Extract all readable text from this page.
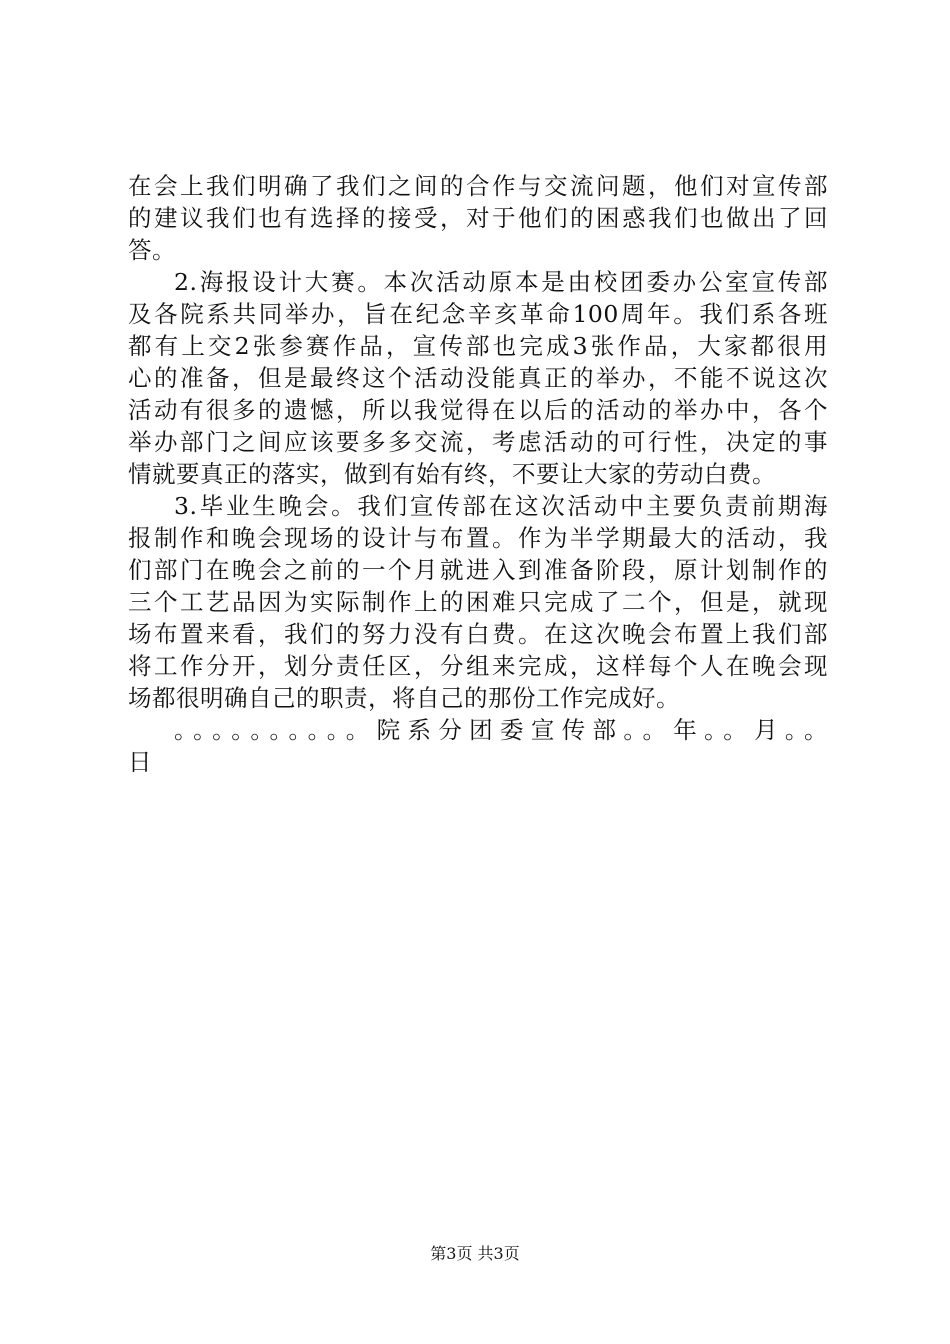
在会上我们明确了我们之间的合作与交流问题，他们对宣传部
的建议我们也有选择的接受，对于他们的困惑我们也做出了回
答。
2.海报设计大赛。本次活动原本是由校团委办公室宣传部
及各院系共同举办，旨在纪念辛亥革命100周年。我们系各班
都有上交2张参赛作品，宣传部也完成3张作品，大家都很用
心的准备，但是最终这个活动没能真正的举办，不能不说这次
活动有很多的遗憾，所以我觉得在以后的活动的举办中，各个
举办部门之间应该要多多交流，考虑活动的可行性，决定的事
情就要真正的落实，做到有始有终，不要让大家的劳动白费。
3.毕业生晚会。我们宣传部在这次活动中主要负责前期海
报制作和晚会现场的设计与布置。作为半学期最大的活动，我
们部门在晚会之前的一个月就进入到准备阶段，原计划制作的
三个工艺品因为实际制作上的困难只完成了二个，但是，就现
场布置来看，我们的努力没有白费。在这次晚会布置上我们部
将工作分开，划分责任区，分组来完成，这样每个人在晚会现
场都很明确自己的职责，将自己的那份工作完成好。
。。。。。。。。。。院系分团委宣传部。。年。。月。。
日
第3页 共3页
